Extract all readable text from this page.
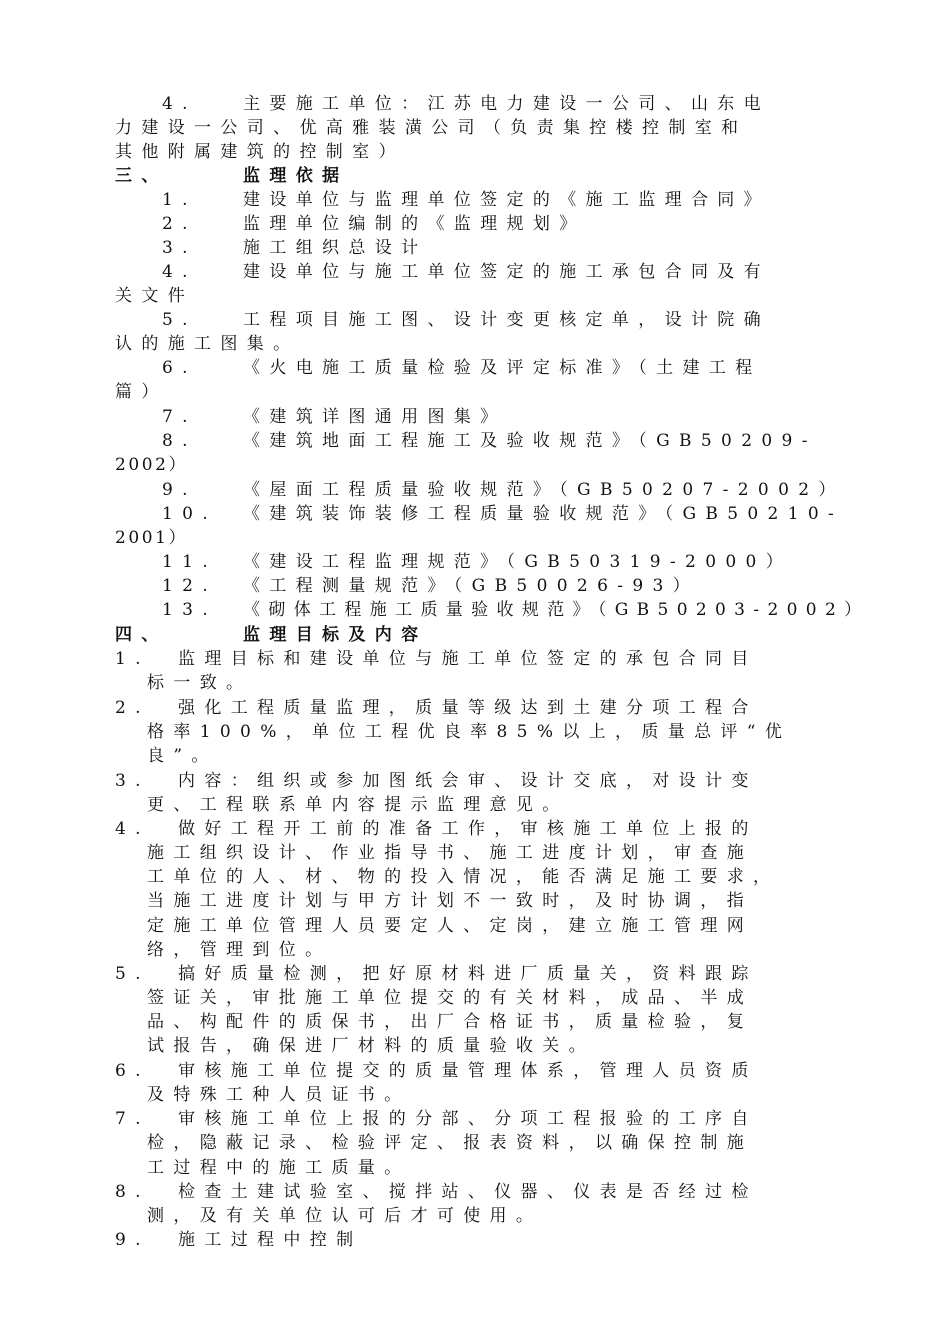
4.

	主要施工单位：江苏电力建设一公司、山东电

力建设一公司、优高雅装潢公司（负责集控楼控制室和

其他附属建筑的控制室）

三、

	监理依据

1.

	建设单位与监理单位签定的《施工监理合同》

2.

	监理单位编制的《监理规划》

3.

	施工组织总设计

4.

	建设单位与施工单位签定的施工承包合同及有

关文件

5.

	工程项目施工图、设计变更核定单，设计院确

认的施工图集。

6.

	《火电施工质量检验及评定标准》（土建工程

篇）

7.

	《建筑详图通用图集》

8.

	《建筑地面工程施工及验收规范》（GB50209-

2002）

9.

	《屋面工程质量验收规范》（GB50207-2002）

10.

《建筑装饰装修工程质量验收规范》（GB50210-

2001）

11.

《建设工程监理规范》（GB50319-2000）

12.

《工程测量规范》（GB50026-93）

13.

《砌体工程施工质量验收规范》（GB50203-2002）

四、

	监理目标及内容

1.

监理目标和建设单位与施工单位签定的承包合同目

标一致。

2.

强化工程质量监理，质量等级达到土建分项工程合

格率100%，单位工程优良率85%以上，质量总评“优

良”。

3.

内容：组织或参加图纸会审、设计交底，对设计变

更、工程联系单内容提示监理意见。

4.

做好工程开工前的准备工作，审核施工单位上报的

施工组织设计、作业指导书、施工进度计划，审查施

工单位的人、材、物的投入情况，能否满足施工要求，

当施工进度计划与甲方计划不一致时，及时协调，指

定施工单位管理人员要定人、定岗，建立施工管理网

络，管理到位。

5.

搞好质量检测，把好原材料进厂质量关，资料跟踪

签证关，审批施工单位提交的有关材料，成品、半成

品、构配件的质保书，出厂合格证书，质量检验，复

试报告，确保进厂材料的质量验收关。

6.

审核施工单位提交的质量管理体系，管理人员资质

及特殊工种人员证书。

7.

审核施工单位上报的分部、分项工程报验的工序自

检，隐蔽记录、检验评定、报表资料，以确保控制施

工过程中的施工质量。

8.

检查土建试验室、搅拌站、仪器、仪表是否经过检

测，及有关单位认可后才可使用。

9.

施工过程中控制
